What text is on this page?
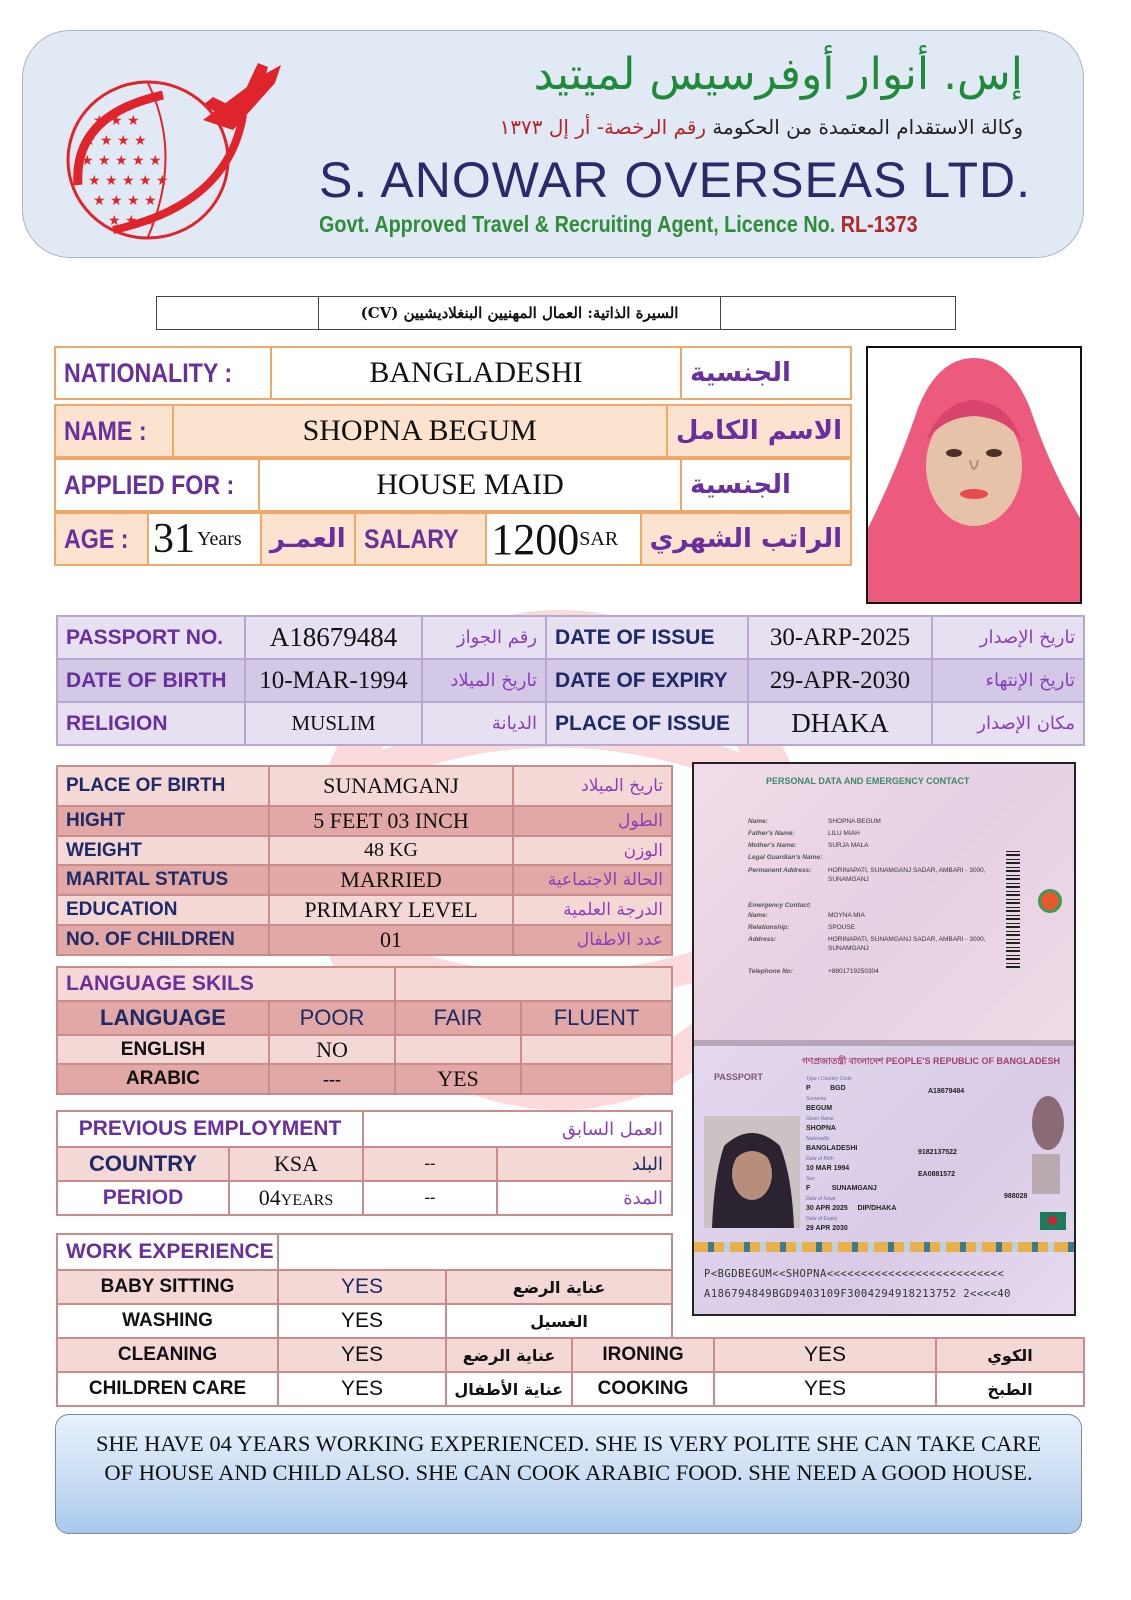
★ ★ ★
★ ★ ★ ★
★ ★ ★ ★ ★
★ ★ ★ ★ ★
★ ★ ★ ★
★ ★ ★
إس. أنوار أوفرسيس لميتيد
وكالة الاستقدام المعتمدة من الحكومة رقم الرخصة- أر إل ١٣٧٣
S. ANOWAR OVERSEAS LTD.
Govt. Approved Travel & Recruiting Agent, Licence No. RL-1373
السيرة الذاتية: العمال المهنيين البنغلاديشيين (CV)
NATIONALITY :	BANGLADESHI	الجنسية
NAME :	SHOPNA BEGUM	الاسم الكامل
APPLIED FOR :	HOUSE MAID	الجنسية
AGE : 31 Years	العمـر SALARY 1200 SAR	الراتب الشهري
PASSPORT NO.	A18679484	رقم الجواز	DATE OF ISSUE	30-ARP-2025	تاريخ الإصدار
DATE OF BIRTH	10-MAR-1994	تاريخ الميلاد	DATE OF EXPIRY	29-APR-2030	تاريخ الإنتهاء
RELIGION	MUSLIM	الديانة	PLACE OF ISSUE	DHAKA	مكان الإصدار
PLACE OF BIRTH	SUNAMGANJ	تاريخ الميلاد
HIGHT	5 FEET 03 INCH	الطول
WEIGHT	48 KG	الوزن
MARITAL STATUS	MARRIED	الحالة الاجتماعية
EDUCATION	PRIMARY LEVEL	الدرجة العلمية
NO. OF CHILDREN	01	عدد الاطفال
LANGUAGE SKILS			
LANGUAGE	POOR	FAIR	FLUENT
ENGLISH	NO		
ARABIC	---	YES	
PREVIOUS EMPLOYMENT		العمل السابق	
COUNTRY	KSA	--	البلد
PERIOD	04YEARS	--	المدة
WORK EXPERIENCE		
BABY SITTING	YES	عناية الرضع
WASHING	YES	الغسيل
CLEANING	YES	عناية الرضع	IRONING	YES	الكوي
CHILDREN CARE	YES	عناية الأطفال	COOKING	YES	الطبخ
PERSONAL DATA AND EMERGENCY CONTACT
Name:	SHOPNA BEGUM
Father's Name:	LILU MIAH
Mother's Name:	SURJA MALA
Legal Guardian's Name:
Permanent Address:	HORINAPATI, SUNAMGANJ SADAR, AMBARI - 3000,
SUNAMGANJ
Emergency Contact:
Name:	MOYNA MIA
Relationship:	SPOUSE
Address:	HORINAPATI, SUNAMGANJ SADAR, AMBARI - 3000,
SUNAMGANJ
Telephone No:	+8801719250304
গণপ্রজাতন্ত্রী বাংলাদেশ PEOPLE'S REPUBLIC OF BANGLADESH
PASSPORT	Type / Country Code
P	BGD
Surname
BEGUM
Given Name
SHOPNA
Nationality
BANGLADESHI
Date of Birth
10 MAR 1994
Sex
F	SUNAMGANJ
Date of Issue
30 APR 2025 DIP/DHAKA
Date of Expiry
29 APR 2030
A18679484
9182137522
EA0881572
988028
P<BGDBEGUM<<SHOPNA<<<<<<<<<<<<<<<<<<<<<<<<<<
A186794849BGD9403109F3004294918213752 2<<<<40

SHE HAVE 04 YEARS WORKING EXPERIENCED. SHE IS VERY POLITE SHE CAN TAKE CARE

OF HOUSE AND CHILD ALSO. SHE CAN COOK ARABIC FOOD. SHE NEED A GOOD HOUSE.
